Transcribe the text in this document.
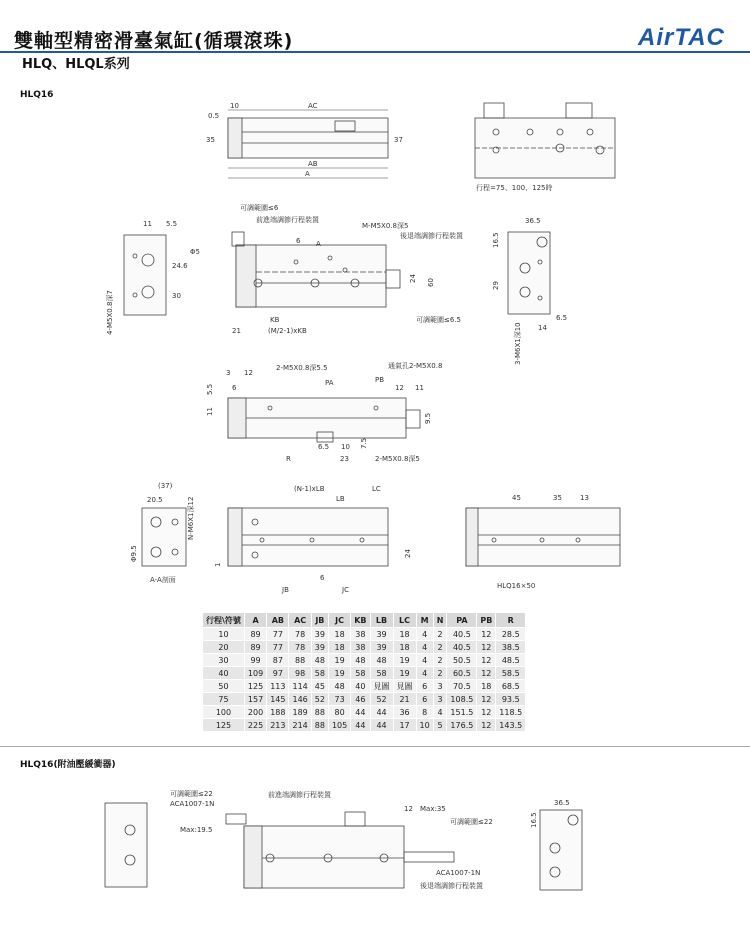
雙軸型精密滑臺氣缸(循環滾珠)	AirTAC
HLQ、HLQL系列
HLQ16
HLQ16(附油壓緩衝器)
10	AC
0.5
35	37
AB
A
行程=75、100、125時
11 5.5
24.6
30
4-M5X0.8深7
可調範圍≤6
前進端調節行程裝置
M-M5X0.8深5
後退端調節行程裝置
Φ5
6 A
24 60
KB
(M/2-1)xKB
21
可調範圍≤6.5
36.5
16.5
29
3-M6X1深10 14
6.5
3 12
2-M5X0.8深5.5	通氣孔2-M5X0.8
PA	PB
12 11
5.5	6
11
9.5
6.5 10 7.5
R	23	2-M5X0.8深5
(37)
20.5	N-M6X1深12
Φ9.5
A-A剖面
(N-1)xLB
LB
LC
1
24
6
JB	JC
45	35	13
HLQ16×50
可調範圍≤22
ACA1007-1N
前進端調節行程裝置
Max:19.5
12 Max:35
可調範圍≤22
ACA1007-1N
後退端調節行程裝置
36.5
16.5
行程\符號	A	AB	AC	JB	JC	KB	LB	LC	M	N	PA	PB	R
10	89	77	78	39	18	38	39	18	4	2	40.5	12	28.5
20	89	77	78	39	18	38	39	18	4	2	40.5	12	38.5
30	99	87	88	48	19	48	48	19	4	2	50.5	12	48.5
40	109	97	98	58	19	58	58	19	4	2	60.5	12	58.5
50	125	113	114	45	48	40	見圖	見圖	6	3	70.5	18	68.5
75	157	145	146	52	73	46	52	21	6	3	108.5	12	93.5
100	200	188	189	88	80	44	44	36	8	4	151.5	12	118.5
125	225	213	214	88	105	44	44	17	10	5	176.5	12	143.5
